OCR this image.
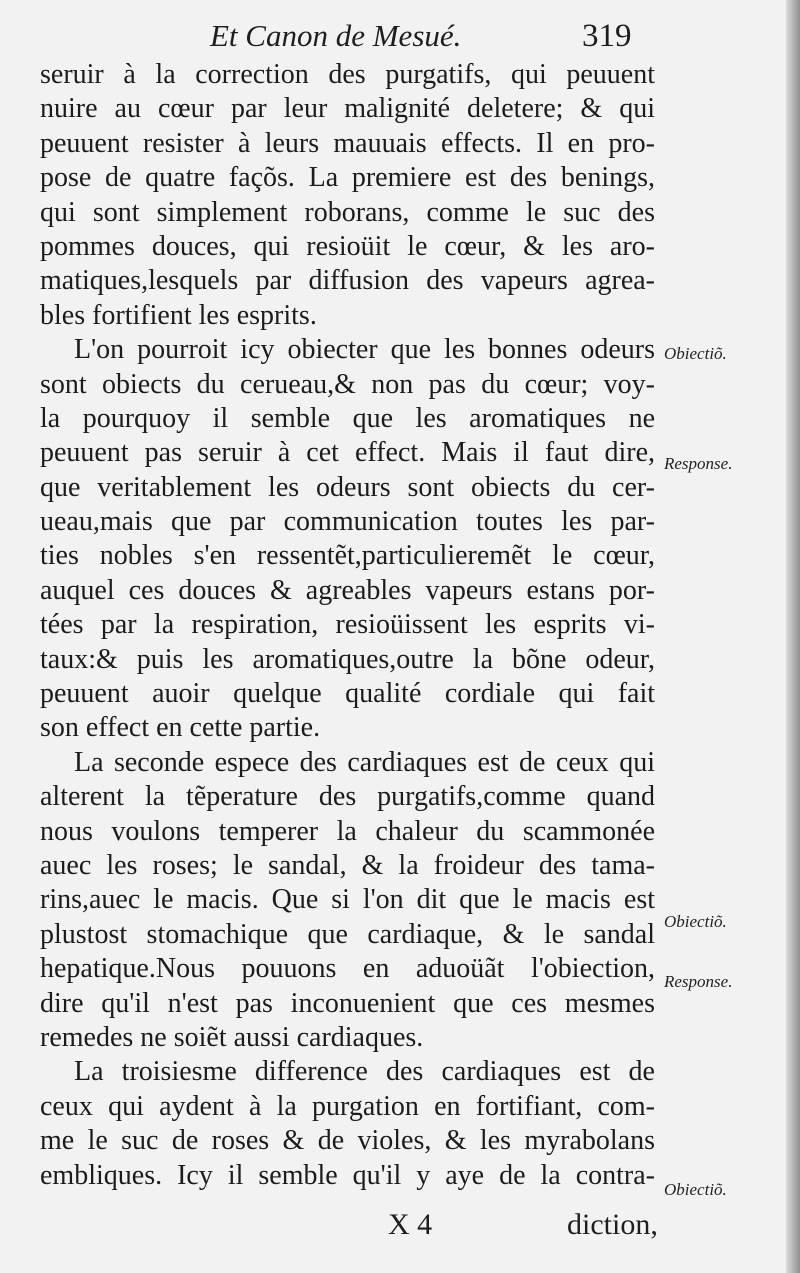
Et Canon de Mesué.	319
seruir à la correction des purgatifs, qui peuuent
nuire au cœur par leur malignité deletere; & qui
peuuent resister à leurs mauuais effects. Il en pro-
pose de quatre façõs. La premiere est des benings,
qui sont simplement roborans, comme le suc des
pommes douces, qui resioüit le cœur, & les aro-
matiques,lesquels par diffusion des vapeurs agrea-
bles fortifient les esprits.
L'on pourroit icy obiecter que les bonnes odeurs
sont obiects du cerueau,& non pas du cœur; voy-
la pourquoy il semble que les aromatiques ne
peuuent pas seruir à cet effect. Mais il faut dire,
que veritablement les odeurs sont obiects du cer-
ueau,mais que par communication toutes les par-
ties nobles s'en ressentẽt,particulieremẽt le cœur,
auquel ces douces & agreables vapeurs estans por-
tées par la respiration, resioüissent les esprits vi-
taux:& puis les aromatiques,outre la bõne odeur,
peuuent auoir quelque qualité cordiale qui fait
son effect en cette partie.
La seconde espece des cardiaques est de ceux qui
alterent la tẽperature des purgatifs,comme quand
nous voulons temperer la chaleur du scammonée
auec les roses; le sandal, & la froideur des tama-
rins,auec le macis. Que si l'on dit que le macis est
plustost stomachique que cardiaque, & le sandal
hepatique.Nous pouuons en aduoüãt l'obiection,
dire qu'il n'est pas inconuenient que ces mesmes
remedes ne soiẽt aussi cardiaques.
La troisiesme difference des cardiaques est de
ceux qui aydent à la purgation en fortifiant, com-
me le suc de roses & de violes, & les myrabolans
embliques. Icy il semble qu'il y aye de la contra-
Obiectiõ.
Response.
Obiectiõ.
Response.
Obiectiõ.
X 4	diction,
